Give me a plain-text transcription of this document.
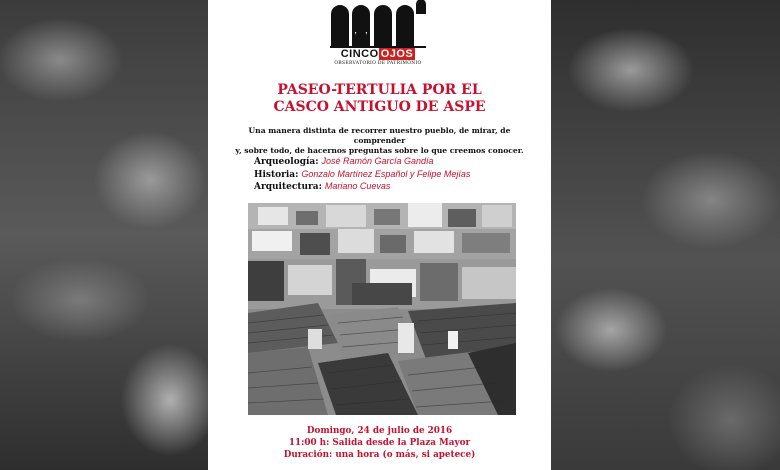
CINCO OJOS
OBSERVATORIO DE PATRIMONIO
PASEO-TERTULIA POR EL
CASCO ANTIGUO DE ASPE
Una manera distinta de recorrer nuestro pueblo, de mirar, de comprender
y, sobre todo, de hacernos preguntas sobre lo que creemos conocer.
Arqueología: José Ramón García Gandía
Historia: Gonzalo Martínez Español y Felipe Mejías
Arquitectura: Mariano Cuevas
Domingo, 24 de julio de 2016
11:00 h: Salida desde la Plaza Mayor
Duración: una hora (o más, si apetece)
